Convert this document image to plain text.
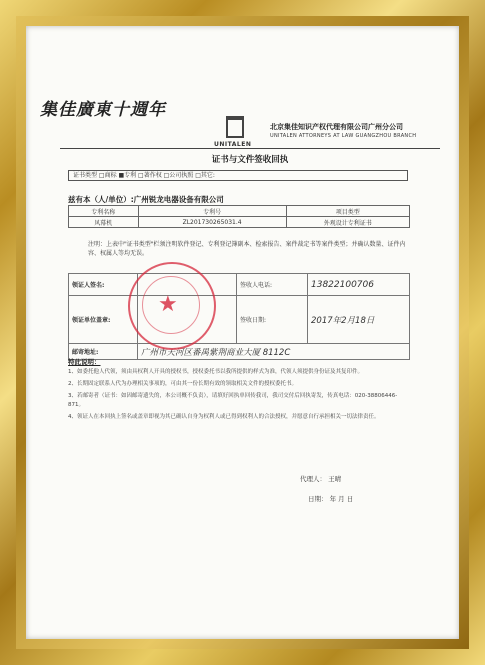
集佳廣東十週年
UNITALEN
北京集佳知识产权代理有限公司广州分公司
UNITALEN ATTORNEYS AT LAW GUANGZHOU BRANCH
证书与文件签收回执
证书类型 □商标 ■专利 □著作权 □公司执照 □其它:
兹有本（人/单位）:广州锐龙电器设备有限公司
专利名称	专利号	项目类型
风幕机	ZL201730265031.4	外观设计专利证书
注明：上表中"证书类型"栏须注明软件登记、专利登记簿副本、检索报告、案件裁定书等案件类型；并确认数量、证件内容、权属人等均无误。
领证人签名:		签收人电话:	13822100706
领证单位盖章:		签收日期:	2017年2月18日
邮寄地址:	广州市天河区番禺紫荆商业大厦 8112C		
★
特此说明：

1、如委托他人代领，须由具权利人开具的授权书，授权委托书以我所提供的样式为准，代领人须提供身份证及其复印件。

2、长期固定联系人代为办理相关事项的，可由其一份长期有效的领取相关文件的授权委托书。

3、若邮寄者（证书：如因邮寄遗失的，本公司概不负责），请填好回执单回传我司，我司交付后回执寄发，传真电话：020-38806446-871。

4、领证人在本回执上签名或盖章即视为其已确认自身为权利人或已得到权利人的合法授权，并愿意自行承担相关一切法律责任。

代理人： 王晴
日期： 年 月 日
